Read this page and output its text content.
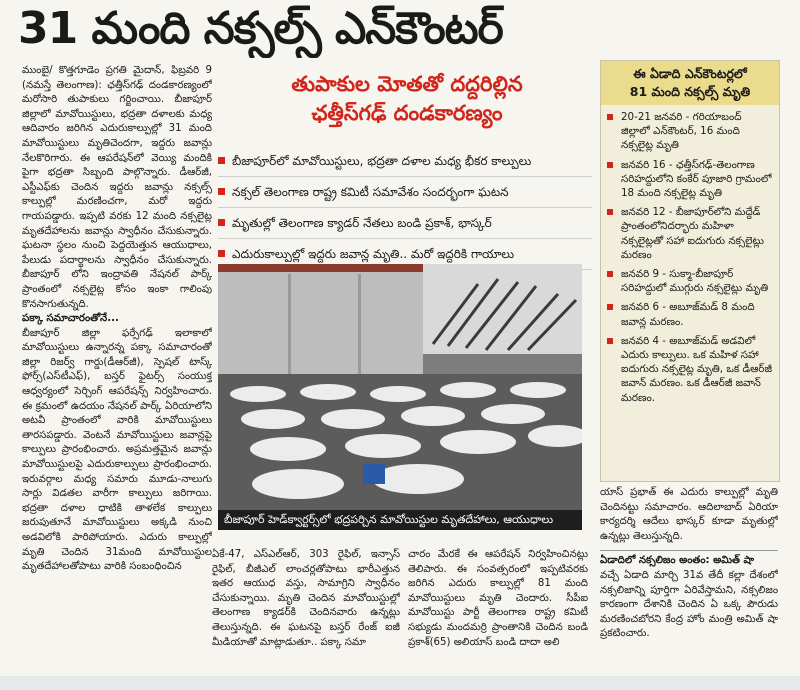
31 మంది నక్సల్స్ ఎన్‌కౌంటర్

ముంబై/ కొత్తగూడెం ప్రగతి మైదాన్, ఫిబ్రవరి 9 (నమస్తే తెలంగాణ): ఛత్తీస్‌గఢ్ దండకారణ్యంలో మరోసారి తుపాకులు గర్జించాయి. బీజాపూర్ జిల్లాలో మావోయిస్టులు, భద్రతా దళాలకు మధ్య ఆదివారం జరిగిన ఎదురుకాల్పుల్లో 31 మంది మావోయిస్టులు మృతిచెందగా, ఇద్దరు జవాన్లు నేలకొరిగారు. ఈ ఆపరేషన్‌లో వెయ్యి మందికి పైగా భద్రతా సిబ్బంది పాల్గొన్నారు. డీఆర్‌జీ, ఎస్టీఎఫ్‌కు చెందిన ఇద్దరు జవాన్లు నక్సల్స్ కాల్పుల్లో మరణించగా, మరో ఇద్దరు గాయపడ్డారు. ఇప్పటి వరకు 12 మంది నక్సలైట్ల మృతదేహాలను జవాన్లు స్వాధీనం చేసుకున్నారు. ఘటనా స్థలం నుంచి పెద్దయెత్తున ఆయుధాలు, పేలుడు పదార్థాలను స్వాధీనం చేసుకున్నారు. బీజాపూర్ లోని ఇంద్రావతి నేషనల్ పార్క్ ప్రాంతంలో నక్సలైట్ల కోసం ఇంకా గాలింపు కొనసాగుతున్నది.

పక్కా సమాచారంతోనే...

బీజాపూర్ జిల్లా ఫర్సేగఢ్ ఇలాకాలో మావోయిస్టులు ఉన్నారన్న పక్కా సమాచారంతో జిల్లా రిజర్వ్ గార్డు(డీఆర్‌జీ), స్పెషల్ టాస్క్ ఫోర్స్(ఎస్‌టీఎఫ్), బస్తర్ ఫైటర్స్ సంయుక్త ఆధ్వర్యంలో సెర్చింగ్ ఆపరేషన్స్ నిర్వహించారు. ఈ క్రమంలో ఉదయం నేషనల్ పార్క్ ఏరియాలోని అటవీ ప్రాంతంలో వారికి మావోయిస్టులు తారసపడ్డారు. వెంటనే మావోయిస్టులు జవాన్లపై కాల్పులు ప్రారంభించారు. అప్రమత్తమైన జవాన్లు మావోయిస్టులపై ఎదురుకాల్పులు ప్రారంభించారు. ఇరువర్గాల మధ్య సమారు మూడు-నాలుగు సార్లు విడతల వారీగా కాల్పులు జరిగాయి. భద్రతా దళాల ధాటికి తాళలేక కాల్పులు జరుపుతూనే మావోయిస్టులు అక్కడి నుంచి అడవిలోకి పారిపోయారు. ఎదురు కాల్పుల్లో మృతి చెందిన 31మంది మావోయిస్టుల మృతదేహాలతోపాటు వారికి సంబంధించిన

తుపాకుల మోతతో దద్దరిల్లిన
ఛత్తీస్‌గఢ్ దండకారణ్యం
బీజాపూర్‌లో మావోయిస్టులు, భద్రతా దళాల మధ్య భీకర కాల్పులు
నక్సల్ తెలంగాణ రాష్ట్ర కమిటీ సమావేశం సందర్భంగా ఘటన
మృతుల్లో తెలంగాణ క్యాడర్ నేతలు బండి ప్రకాశ్, భాస్కర్
ఎదురుకాల్పుల్లో ఇద్దరు జవాన్ల మృతి.. మరో ఇద్దరికి గాయాలు
బీజాపూర్ హెడ్‌క్వార్టర్స్‌లో భద్రపర్చిన మావోయిస్టుల మృతదేహాలు, ఆయుధాలు
ఏకే-47, ఎస్ఎల్ఆర్, 303 రైఫిల్, ఇన్సాస్ రైఫిల్, బీజీఎల్ లాంచర్లతోపాటు భారీఎత్తున ఇతర ఆయుధ వస్తు, సామాగ్రిని స్వాధీనం చేసుకున్నాయి. మృతి చెందిన మావోయిస్టుల్లో తెలంగాణ క్యాడర్‌కి చెందినవారు ఉన్నట్లు తెలుస్తున్నది. ఈ ఘటనపై బస్తర్ రేంజ్ ఐజీ మీడియాతో మాట్లాడుతూ.. పక్కా సమా
చారం మేరకే ఈ ఆపరేషన్ నిర్వహించినట్లు తెలిపారు. ఈ సంవత్సరంలో ఇప్పటివరకు జరిగిన ఎదురు కాల్పుల్లో 81 మంది మావోయిస్టులు మృతి చెందారు. సీపీఐ మావోయిస్టు పార్టీ తెలంగాణ రాష్ట్ర కమిటీ సభ్యుడు మందమర్రి ప్రాంతానికి చెందిన బండి ప్రకాశ్(65) అలియాస్ బండి దాదా అలి
ఈ ఏడాది ఎన్‌కౌంటర్లలో
81 మంది నక్సల్స్ మృతి
20-21 జనవరి - గరియాబంద్ జిల్లాలో ఎన్‌కౌంటర్, 16 మంది నక్సలైట్ల మృతి
జనవరి 16 - ఛత్తీస్‌గఢ్-తెలంగాణ సరిహద్దులోని కంకేర్ పూజారి గ్రామంలో 18 మంది నక్సలైట్ల మృతి
జనవరి 12 - బీజాపూర్‌లోని మద్దేడ్ ప్రాంతంలోనిదర్భారు మహిళా నక్సలైట్లతో సహా ఐదుగురు నక్సలైట్లు మరణం
జనవరి 9 - సుక్మా-బీజాపూర్ సరిహద్దులో ముగ్గురు నక్సలైట్లు మృతి
జనవరి 6 - అబూజ్‌మడ్ 8 మంది జవాన్ల మరణం.
జనవరి 4 - అబూజ్‌మడ్ అడవిలో ఎదురు కాల్పులు. ఒక మహిళ సహా ఐదుగురు నక్సలైట్ల మృతి, ఒక డీఆర్‌జీ జవాన్ మరణం. ఒక డీఆర్‌జీ జవాన్ మరణం.

యాస్ ప్రభాత్ ఈ ఎదురు కాల్పుల్లో మృతి చెందినట్టు సమాచారం. ఆదిలాబాద్ ఏరియా కార్యదర్శి ఆదేలు భాస్కర్ కూడా మృతుల్లో ఉన్నట్లు తెలుస్తున్నది.

ఏడాదిలో నక్సలిజం అంతం: అమిత్ షా

వచ్చే ఏడాది మార్చి 31వ తేదీ కల్లా దేశంలో నక్సలిజాన్ని పూర్తిగా ఏరివేస్తామని, నక్సలిజం కారణంగా దేశానికి చెందిన ఏ ఒక్క పౌరుడు మరణించబోరని కేంద్ర హోం మంత్రి అమిత్ షా ప్రకటించారు.
